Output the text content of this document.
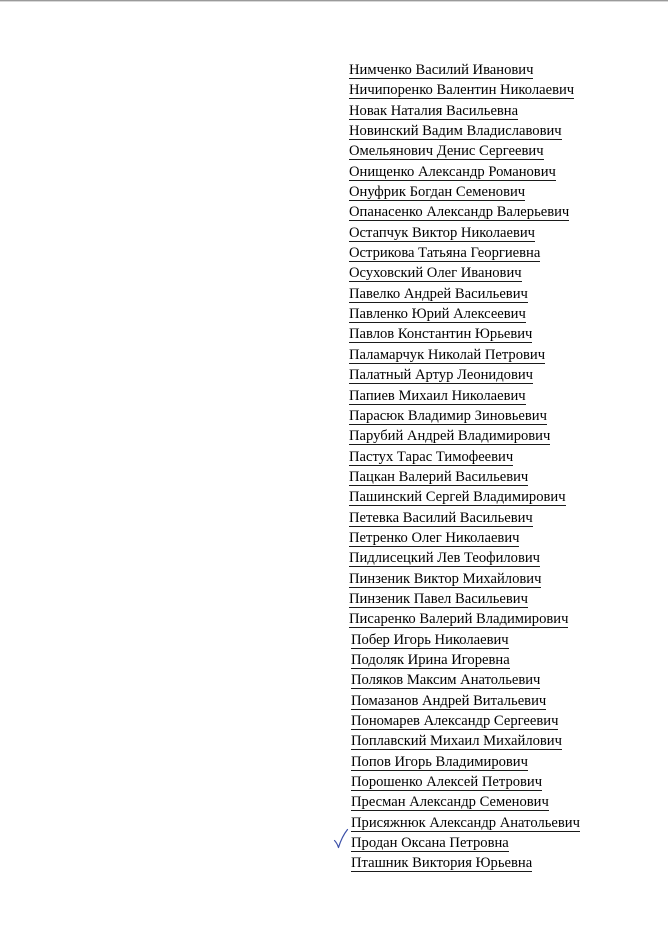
Нимченко Василий Иванович
Ничипоренко Валентин Николаевич
Новак Наталия Васильевна
Новинский Вадим Владиславович
Омельянович Денис Сергеевич
Онищенко Александр Романович
Онуфрик Богдан Семенович
Опанасенко Александр Валерьевич
Остапчук Виктор Николаевич
Острикова Татьяна Георгиевна
Осуховский Олег Иванович
Павелко Андрей Васильевич
Павленко Юрий Алексеевич
Павлов Константин Юрьевич
Паламарчук Николай Петрович
Палатный Артур Леонидович
Папиев Михаил Николаевич
Парасюк Владимир Зиновьевич
Парубий Андрей Владимирович
Пастух Тарас Тимофеевич
Пацкан Валерий Васильевич
Пашинский Сергей Владимирович
Петевка Василий Васильевич
Петренко Олег Николаевич
Пидлисецкий Лев Теофилович
Пинзеник Виктор Михайлович
Пинзеник Павел Васильевич
Писаренко Валерий Владимирович
Побер Игорь Николаевич
Подоляк Ирина Игоревна
Поляков Максим Анатольевич
Помазанов Андрей Витальевич
Пономарев Александр Сергеевич
Поплавский Михаил Михайлович
Попов Игорь Владимирович
Порошенко Алексей Петрович
Пресман Александр Семенович
Присяжнюк Александр Анатольевич
Продан Оксана Петровна
Пташник Виктория Юрьевна
